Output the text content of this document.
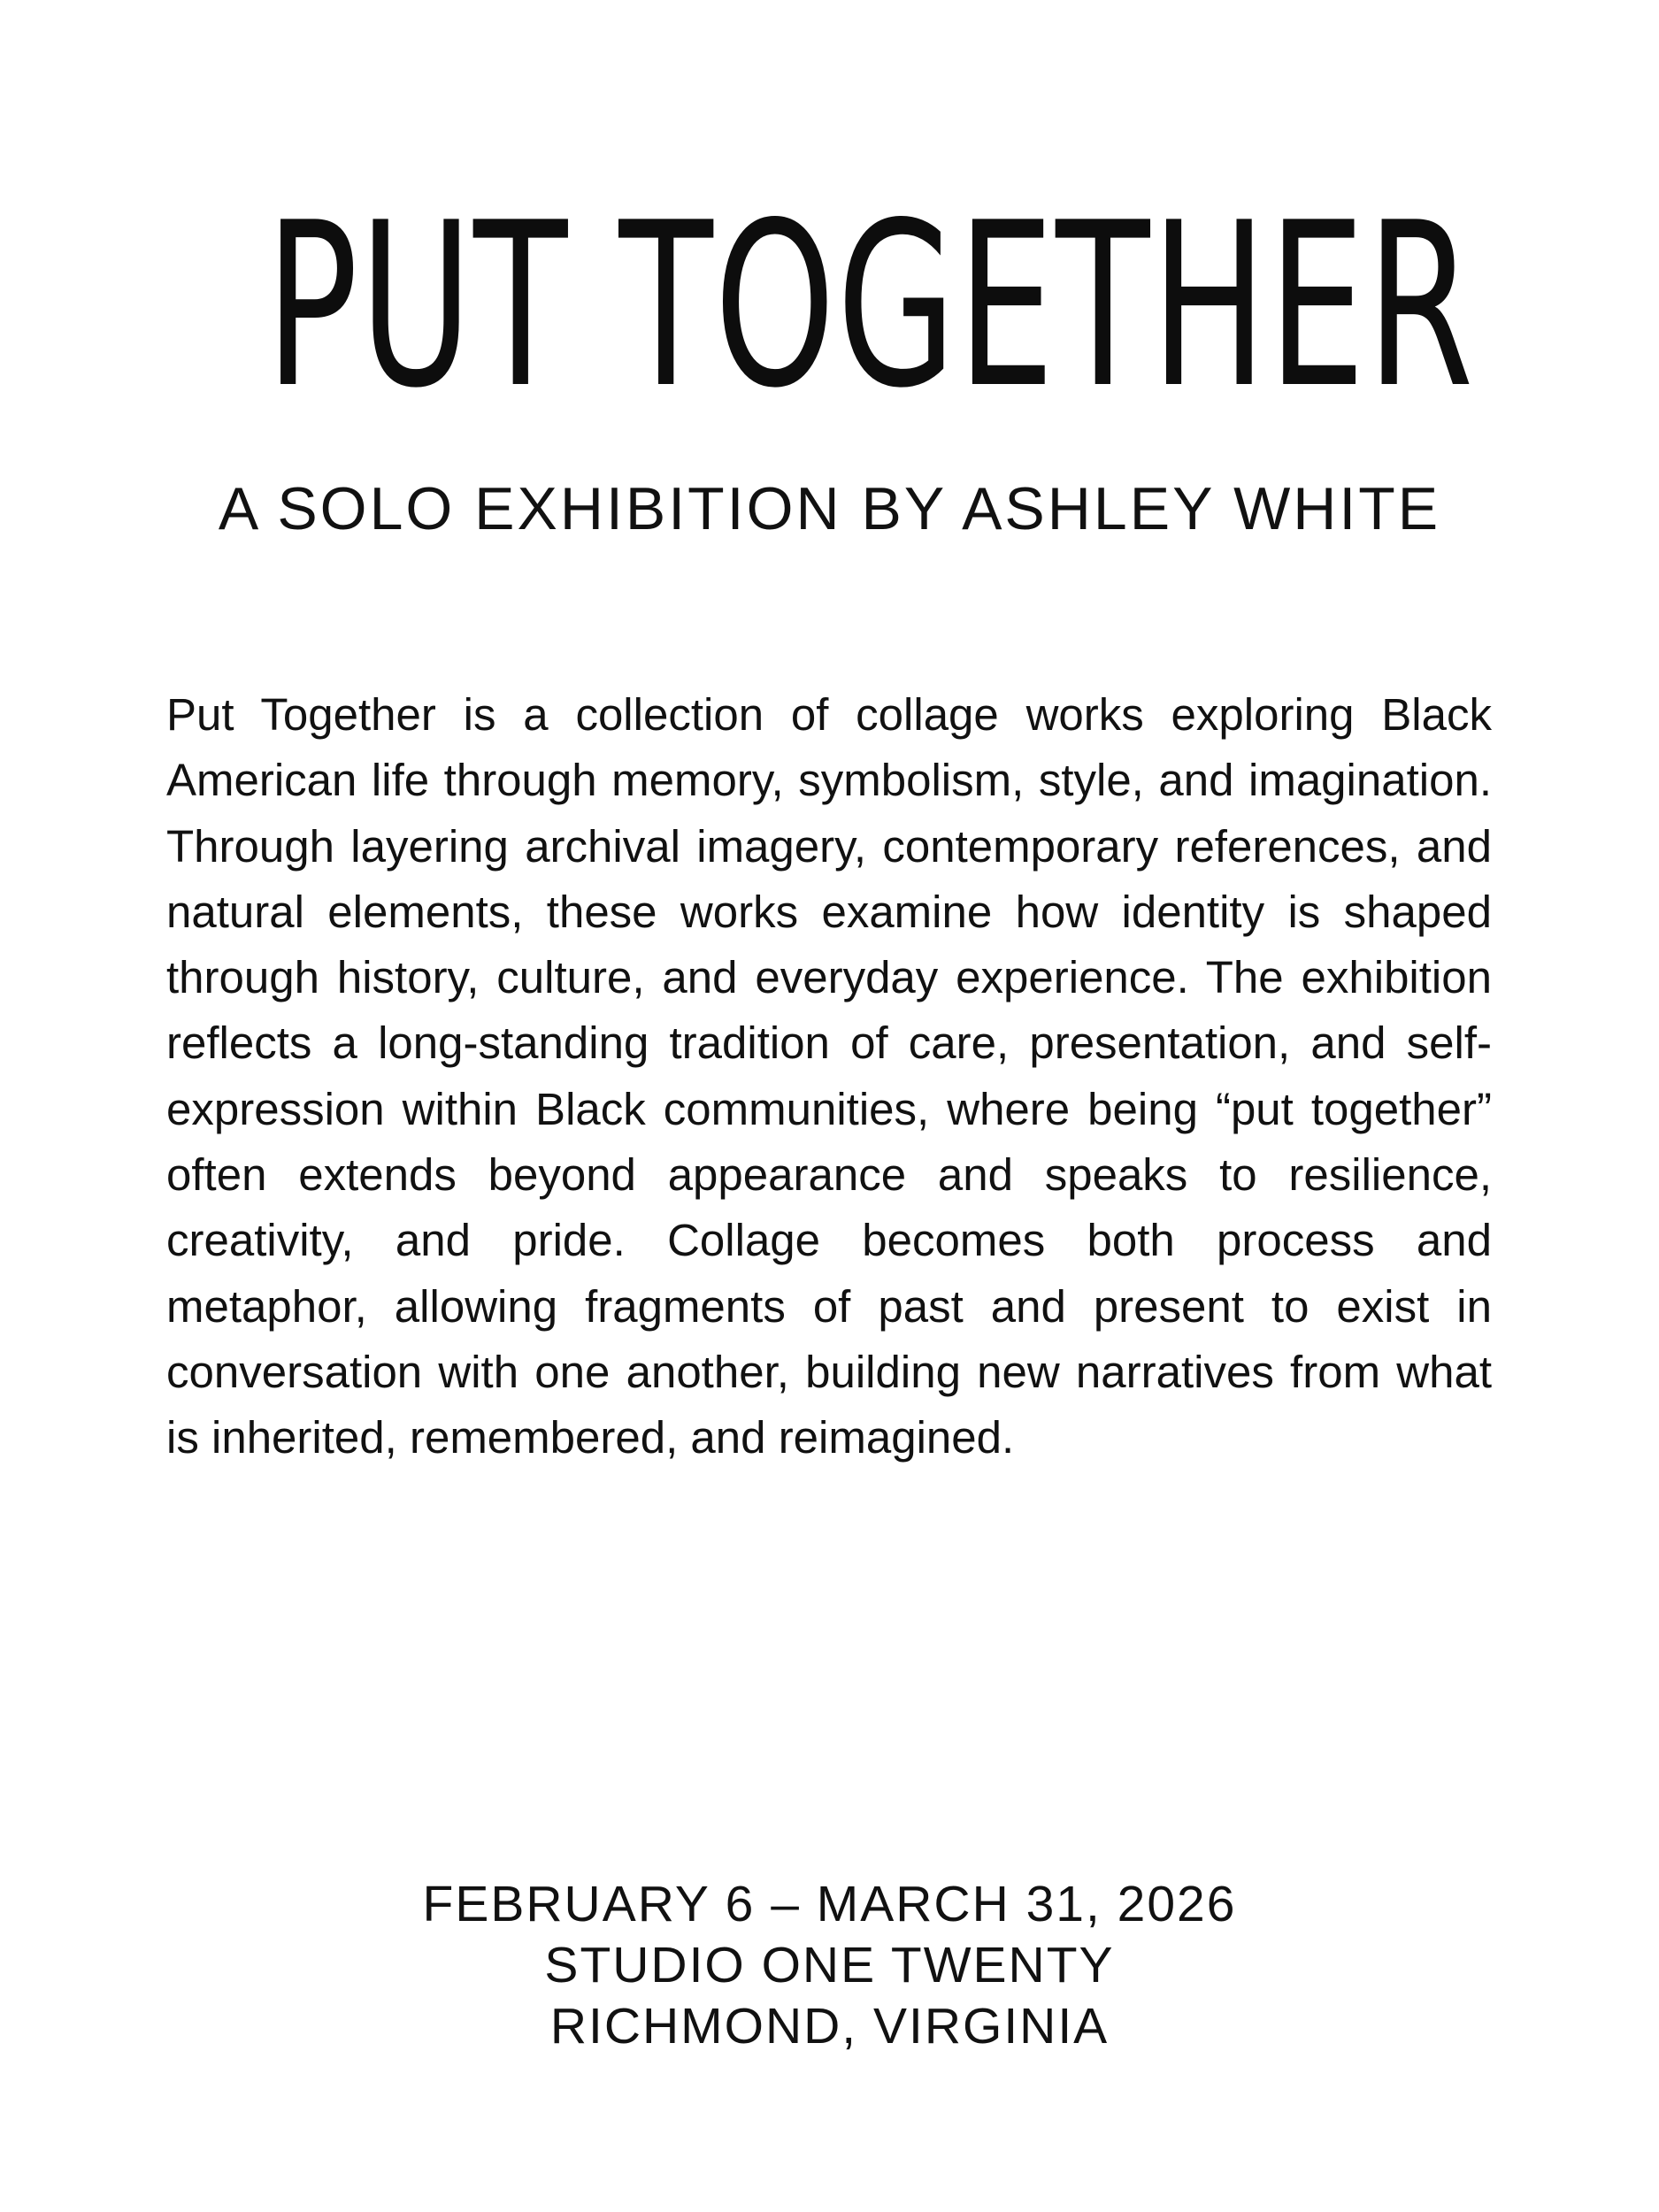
PUT TOGETHER
A SOLO EXHIBITION BY ASHLEY WHITE

Put Together is a collection of collage works exploring Black American life through memory, symbolism, style, and imagination. Through layering archival imagery, contemporary references, and natural elements, these works examine how identity is shaped through history, culture, and everyday experience. The exhibition reflects a long-standing tradition of care, presentation, and self-expression within Black communities, where being “put together” often extends beyond appearance and speaks to resilience, creativity, and pride. Collage becomes both process and metaphor, allowing fragments of past and present to exist in conversation with one another, building new narratives from what is inherited, remembered, and reimagined.

FEBRUARY 6 – MARCH 31, 2026
STUDIO ONE TWENTY
RICHMOND, VIRGINIA
